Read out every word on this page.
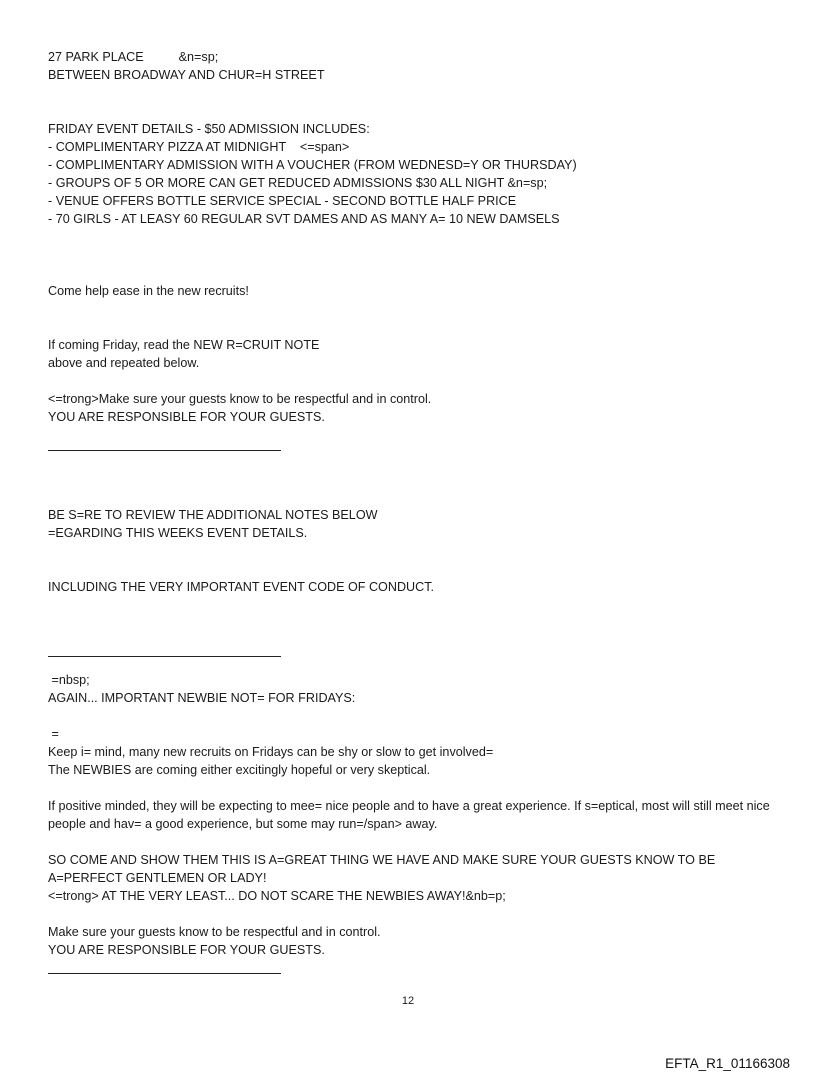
27 PARK PLACE          &n=sp;
BETWEEN BROADWAY AND CHUR=H STREET
FRIDAY EVENT DETAILS - $50 ADMISSION INCLUDES:
- COMPLIMENTARY PIZZA AT MIDNIGHT    <=span>
- COMPLIMENTARY ADMISSION WITH A VOUCHER (FROM WEDNESD=Y OR THURSDAY)
- GROUPS OF 5 OR MORE CAN GET REDUCED ADMISSIONS $30 ALL NIGHT &n=sp;
- VENUE OFFERS BOTTLE SERVICE SPECIAL - SECOND BOTTLE HALF PRICE
- 70 GIRLS - AT LEASY 60 REGULAR SVT DAMES AND AS MANY A= 10 NEW DAMSELS
Come help ease in the new recruits!
If coming Friday, read the NEW R=CRUIT NOTE
above and repeated below.
<=trong>Make sure your guests know to be respectful and in control.
YOU ARE RESPONSIBLE FOR YOUR GUESTS.
BE S=RE TO REVIEW THE ADDITIONAL NOTES BELOW
=EGARDING THIS WEEKS EVENT DETAILS.
INCLUDING THE VERY IMPORTANT EVENT CODE OF CONDUCT.
=nbsp;
AGAIN... IMPORTANT NEWBIE NOT= FOR FRIDAYS:
=
Keep i= mind, many new recruits on Fridays can be shy or slow to get involved=
The NEWBIES are coming either excitingly hopeful or very skeptical.
If positive minded, they will be expecting to mee= nice people and to have a great experience. If s=eptical, most will still meet nice people and hav= a good experience, but some may run=/span> away.
SO COME AND SHOW THEM THIS IS A=GREAT THING WE HAVE AND MAKE SURE YOUR GUESTS KNOW TO BE A=PERFECT GENTLEMEN OR LADY!
<=trong> AT THE VERY LEAST... DO NOT SCARE THE NEWBIES AWAY!&nb=p;
Make sure your guests know to be respectful and in control.
YOU ARE RESPONSIBLE FOR YOUR GUESTS.
12
EFTA_R1_01166308
